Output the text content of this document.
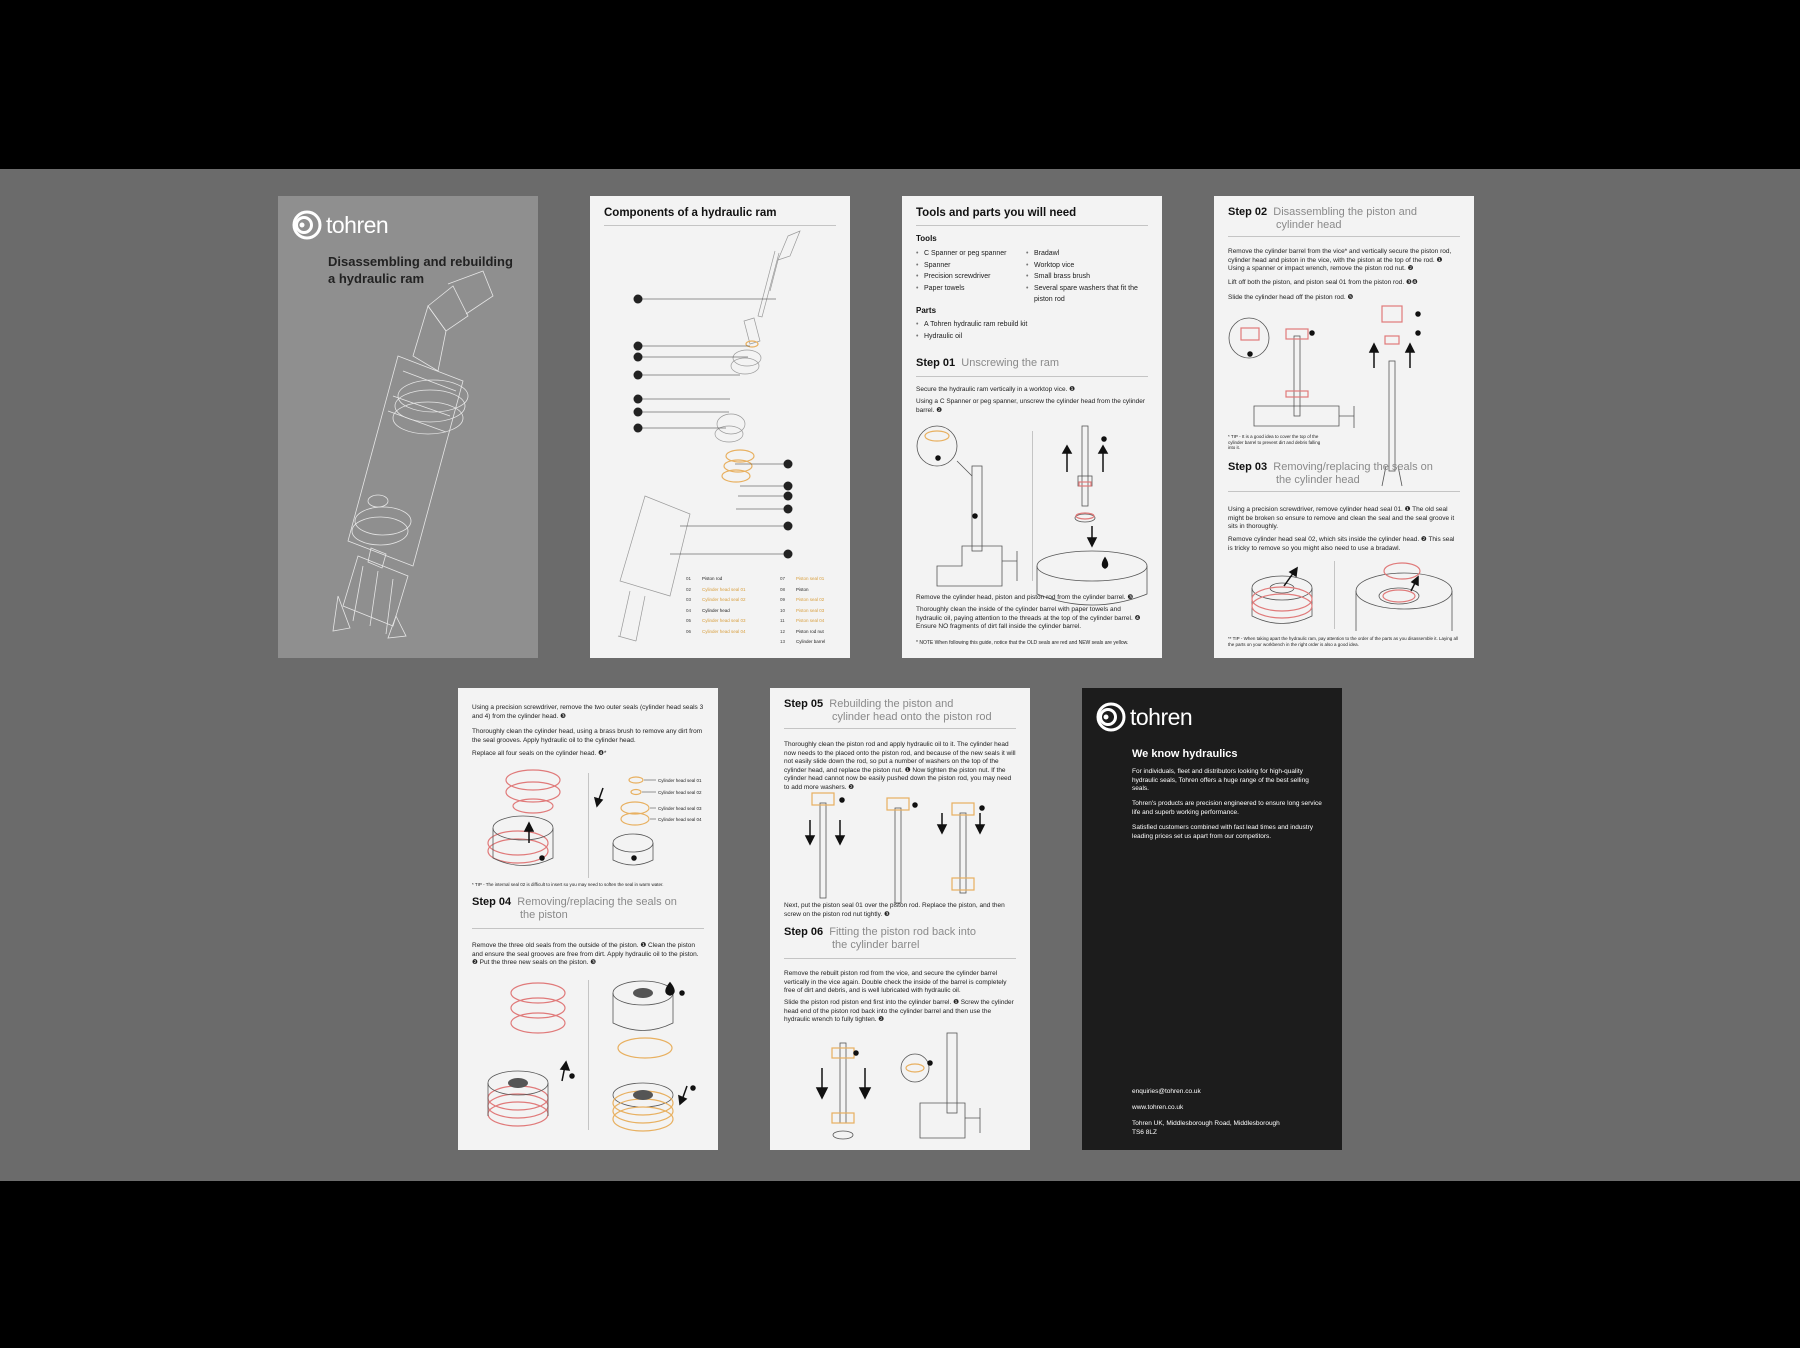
tohren
Disassembling and rebuilding
a hydraulic ram
Components of a hydraulic ram
01	Piston rod
02	Cylinder head seal 01
03	Cylinder head seal 02
04	Cylinder head
05	Cylinder head seal 03
06	Cylinder head seal 04
07	Piston seal 01
08	Piston
09	Piston seal 02
10	Piston seal 03
11	Piston seal 04
12	Piston rod nut
13	Cylinder barrel
Tools and parts you will need
Tools
• C Spanner or peg spanner
• Spanner
• Precision screwdriver
• Paper towels
• Bradawl
• Worktop vice
• Small brass brush
• Several spare washers that fit the piston rod
Parts
• A Tohren hydraulic ram rebuild kit
• Hydraulic oil
Step 01 Unscrewing the ram
Secure the hydraulic ram vertically in a worktop vice. ❶
Using a C Spanner or peg spanner, unscrew the cylinder head from the cylinder barrel. ❷
Remove the cylinder head, piston and piston rod from the cylinder barrel. ❸
Thoroughly clean the inside of the cylinder barrel with paper towels and hydraulic oil, paying attention to the threads at the top of the cylinder barrel. ❹ Ensure NO fragments of dirt fall inside the cylinder barrel.
* NOTE When following this guide, notice that the OLD seals are red and NEW seals are yellow.
Step 02 Disassembling the piston and
cylinder head
Remove the cylinder barrel from the vice* and vertically secure the piston rod, cylinder head and piston in the vice, with the piston at the top of the rod. ❶ Using a spanner or impact wrench, remove the piston rod nut. ❷
Lift off both the piston, and piston seal 01 from the piston rod. ❸❹
Slide the cylinder head off the piston rod. ❺
* TIP - It is a good idea to cover the top of the cylinder barrel to prevent dirt and debris falling into it.
Step 03 Removing/replacing the seals on
the cylinder head
Using a precision screwdriver, remove cylinder head seal 01. ❶ The old seal might be broken so ensure to remove and clean the seal and the seal groove it sits in thoroughly.
Remove cylinder head seal 02, which sits inside the cylinder head. ❷ This seal is tricky to remove so you might also need to use a bradawl.
** TIP - When taking apart the hydraulic ram, pay attention to the order of the parts as you disassemble it. Laying all the parts on your workbench in the right order is also a good idea.
Using a precision screwdriver, remove the two outer seals (cylinder head seals 3 and 4) from the cylinder head. ❸
Thoroughly clean the cylinder head, using a brass brush to remove any dirt from the seal grooves. Apply hydraulic oil to the cylinder head.
Replace all four seals on the cylinder head. ❹*
Cylinder head seal 01
Cylinder head seal 02
Cylinder head seal 03
Cylinder head seal 04
* TIP - The internal seal 02 is difficult to insert so you may need to soften the seal in warm water.
Step 04 Removing/replacing the seals on
the piston
Remove the three old seals from the outside of the piston. ❶ Clean the piston and ensure the seal grooves are free from dirt. Apply hydraulic oil to the piston. ❷ Put the three new seals on the piston. ❸
Step 05 Rebuilding the piston and
cylinder head onto the piston rod
Thoroughly clean the piston rod and apply hydraulic oil to it. The cylinder head now needs to the placed onto the piston rod, and because of the new seals it will not easily slide down the rod, so put a number of washers on the top of the cylinder head, and replace the piston nut. ❶ Now tighten the piston nut. If the cylinder head cannot now be easily pushed down the piston rod, you may need to add more washers. ❷
Next, put the piston seal 01 over the piston rod. Replace the piston, and then screw on the piston rod nut tightly. ❸
Step 06 Fitting the piston rod back into
the cylinder barrel
Remove the rebuilt piston rod from the vice, and secure the cylinder barrel vertically in the vice again. Double check the inside of the barrel is completely free of dirt and debris, and is well lubricated with hydraulic oil.
Slide the piston rod piston end first into the cylinder barrel. ❶ Screw the cylinder head end of the piston rod back into the cylinder barrel and then use the hydraulic wrench to fully tighten. ❷
tohren
We know hydraulics
For individuals, fleet and distributors looking for high-quality hydraulic seals, Tohren offers a huge range of the best selling seals.
Tohren's products are precision engineered to ensure long service life and superb working performance.
Satisfied customers combined with fast lead times and industry leading prices set us apart from our competitors.
enquiries@tohren.co.uk
www.tohren.co.uk
Tohren UK, Middlesborough Road, Middlesborough
TS6 8LZ
